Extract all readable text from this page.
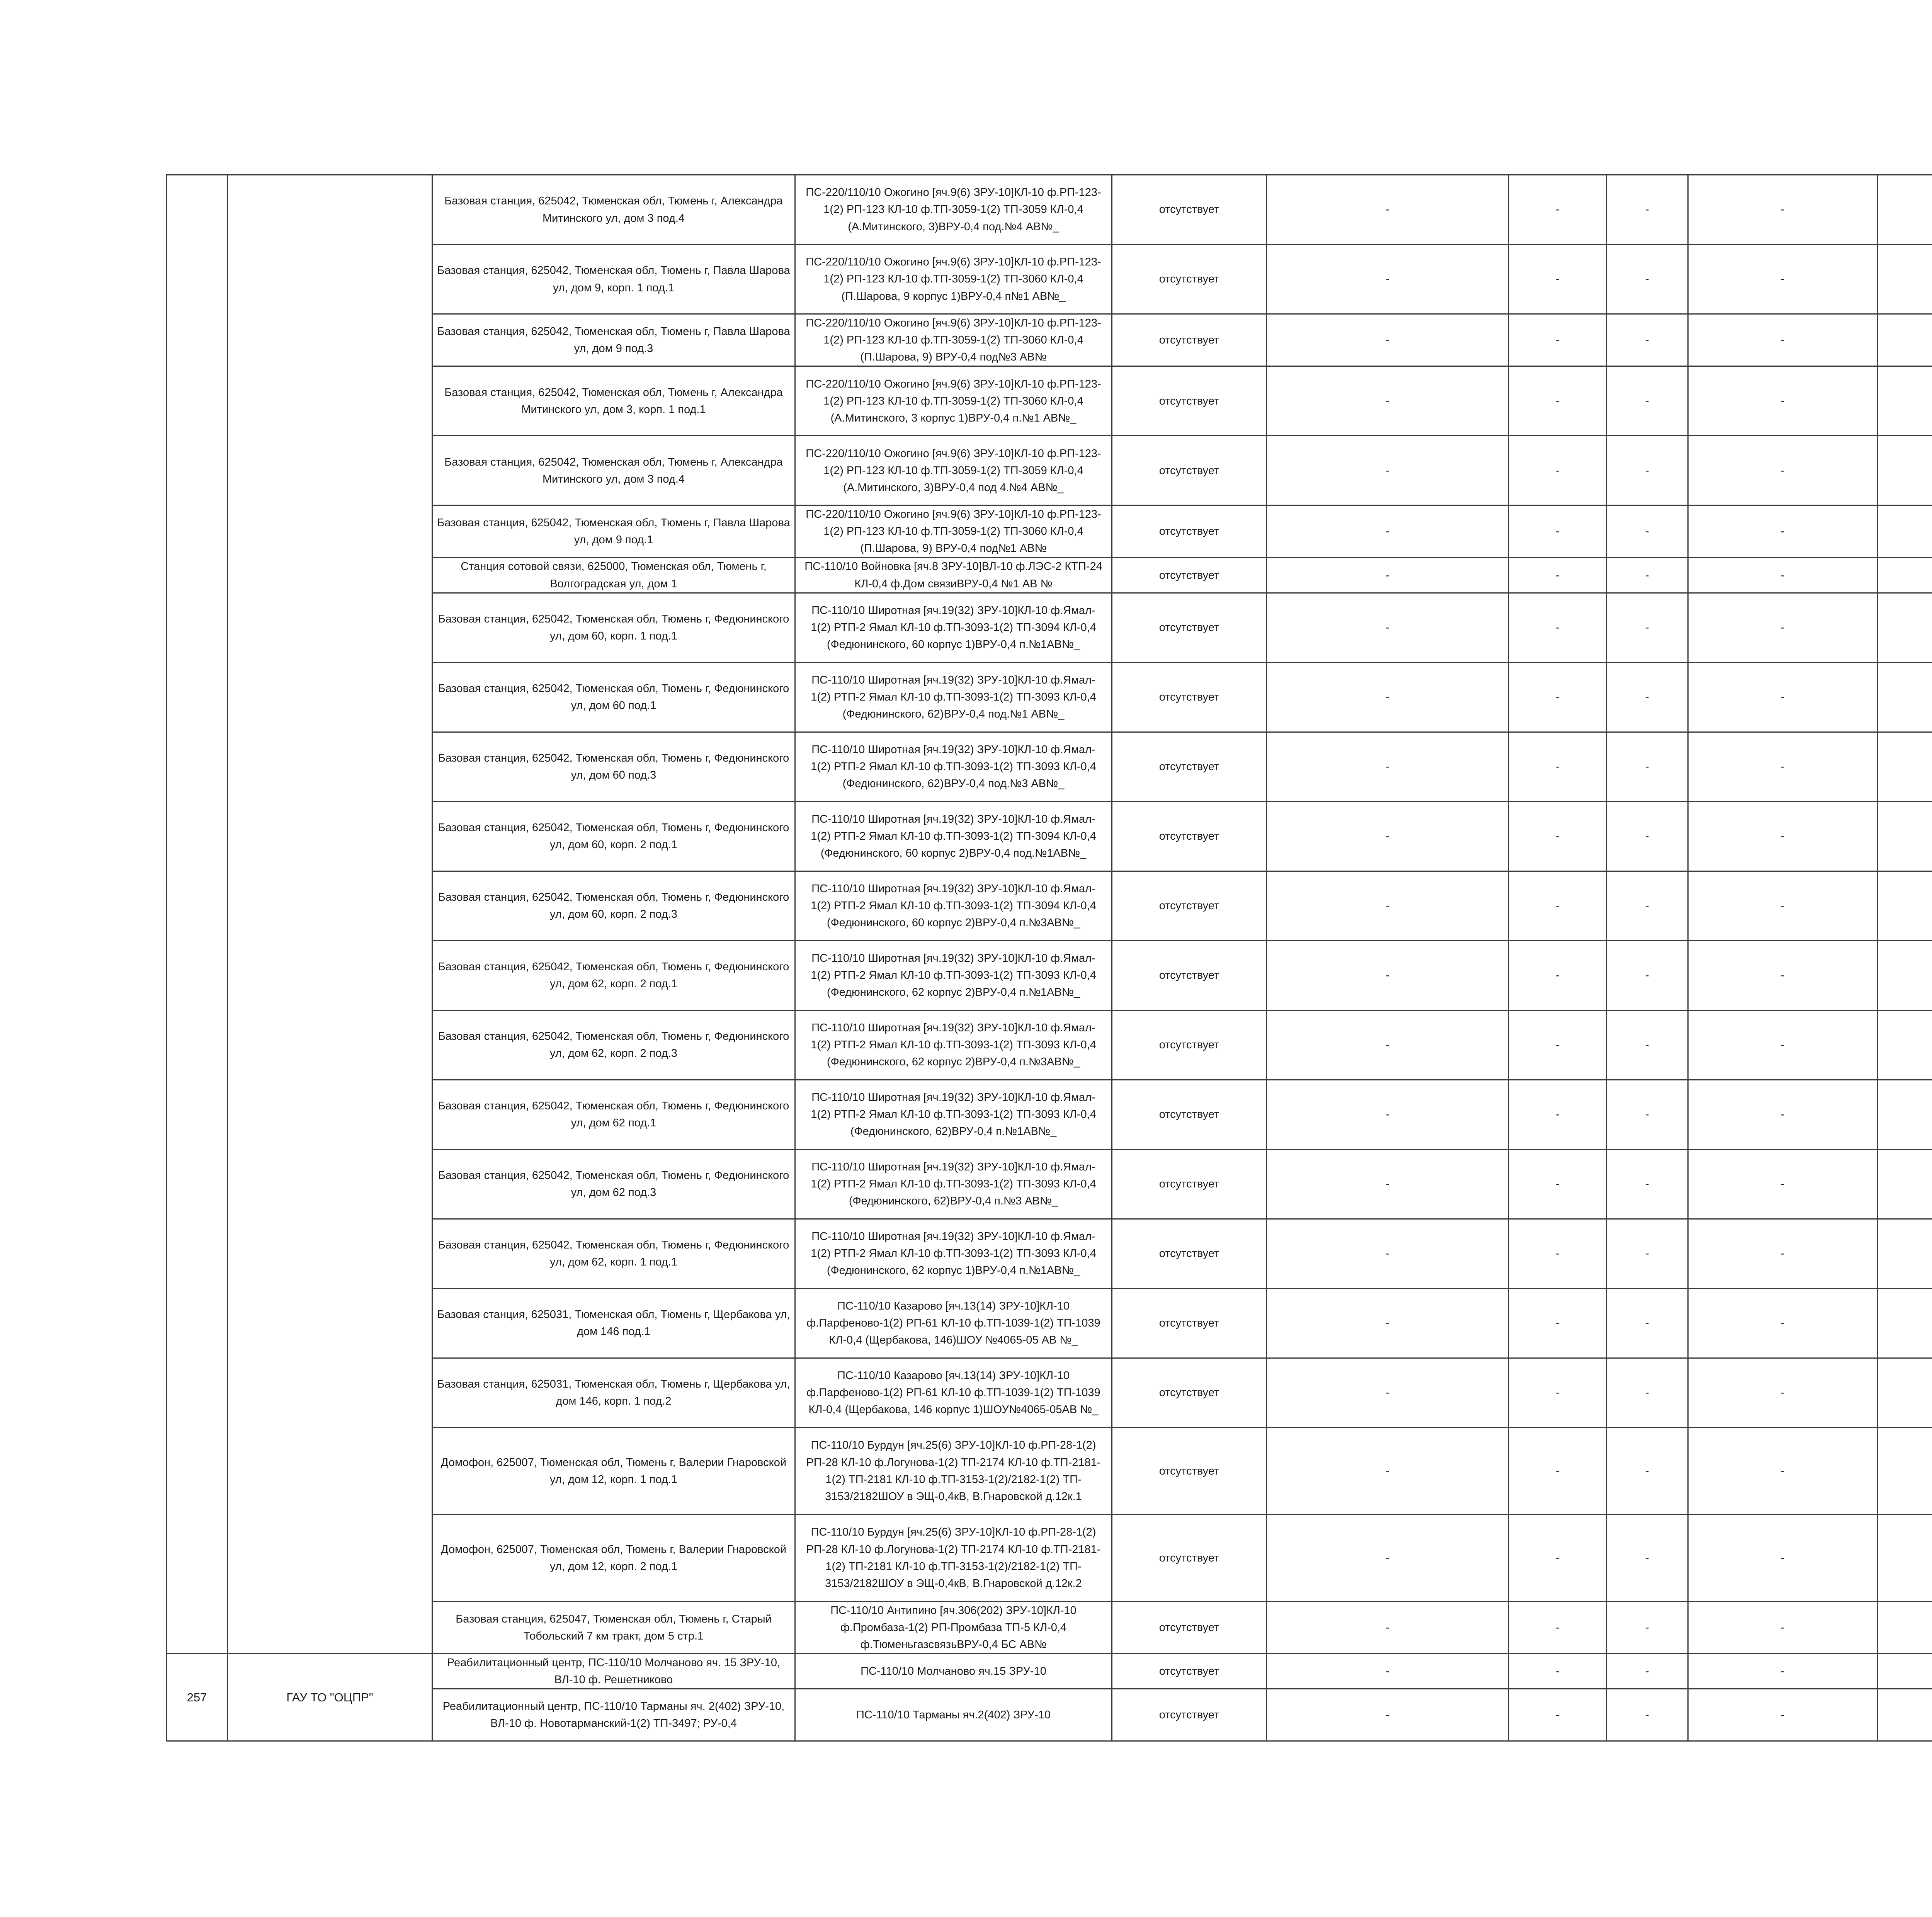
		Базовая станция, 625042, Тюменская обл, Тюмень г, Александра Митинского ул, дом 3 под.4	ПС-220/110/10 Ожогино [яч.9(6) ЗРУ-10]КЛ-10 ф.РП-123-
1(2) РП-123 КЛ-10 ф.ТП-3059-1(2) ТП-3059 КЛ-0,4
(А.Митинского, 3)ВРУ-0,4 под.№4 АВ№_	отсутствует	-	-	-	-		
		Базовая станция, 625042, Тюменская обл, Тюмень г, Павла Шарова ул, дом 9, корп. 1 под.1	ПС-220/110/10 Ожогино [яч.9(6) ЗРУ-10]КЛ-10 ф.РП-123-
1(2) РП-123 КЛ-10 ф.ТП-3059-1(2) ТП-3060 КЛ-0,4
(П.Шарова, 9 корпус 1)ВРУ-0,4 п№1 АВ№_	отсутствует	-	-	-	-		
		Базовая станция, 625042, Тюменская обл, Тюмень г, Павла Шарова ул, дом 9 под.3	ПС-220/110/10 Ожогино [яч.9(6) ЗРУ-10]КЛ-10 ф.РП-123-
1(2) РП-123 КЛ-10 ф.ТП-3059-1(2) ТП-3060 КЛ-0,4
(П.Шарова, 9) ВРУ-0,4 под№3 АВ№	отсутствует	-	-	-	-		
		Базовая станция, 625042, Тюменская обл, Тюмень г, Александра Митинского ул, дом 3, корп. 1 под.1	ПС-220/110/10 Ожогино [яч.9(6) ЗРУ-10]КЛ-10 ф.РП-123-
1(2) РП-123 КЛ-10 ф.ТП-3059-1(2) ТП-3060 КЛ-0,4
(А.Митинского, 3 корпус 1)ВРУ-0,4 п.№1 АВ№_	отсутствует	-	-	-	-		
		Базовая станция, 625042, Тюменская обл, Тюмень г, Александра Митинского ул, дом 3 под.4	ПС-220/110/10 Ожогино [яч.9(6) ЗРУ-10]КЛ-10 ф.РП-123-
1(2) РП-123 КЛ-10 ф.ТП-3059-1(2) ТП-3059 КЛ-0,4
(А.Митинского, 3)ВРУ-0,4 под 4.№4 АВ№_	отсутствует	-	-	-	-		
		Базовая станция, 625042, Тюменская обл, Тюмень г, Павла Шарова ул, дом 9 под.1	ПС-220/110/10 Ожогино [яч.9(6) ЗРУ-10]КЛ-10 ф.РП-123-
1(2) РП-123 КЛ-10 ф.ТП-3059-1(2) ТП-3060 КЛ-0,4
(П.Шарова, 9) ВРУ-0,4 под№1 АВ№	отсутствует	-	-	-	-		
		Станция сотовой связи, 625000, Тюменская обл, Тюмень г, Волгоградская ул, дом 1	ПС-110/10 Войновка [яч.8 ЗРУ-10]ВЛ-10 ф.ЛЭС-2 КТП-24
КЛ-0,4 ф.Дом связиВРУ-0,4 №1 АВ №	отсутствует	-	-	-	-		
		Базовая станция, 625042, Тюменская обл, Тюмень г, Федюнинского ул, дом 60, корп. 1 под.1	ПС-110/10 Широтная [яч.19(32) ЗРУ-10]КЛ-10 ф.Ямал-
1(2) РТП-2 Ямал КЛ-10 ф.ТП-3093-1(2) ТП-3094 КЛ-0,4
(Федюнинского, 60 корпус 1)ВРУ-0,4 п.№1АВ№_	отсутствует	-	-	-	-		
		Базовая станция, 625042, Тюменская обл, Тюмень г, Федюнинского ул, дом 60 под.1	ПС-110/10 Широтная [яч.19(32) ЗРУ-10]КЛ-10 ф.Ямал-
1(2) РТП-2 Ямал КЛ-10 ф.ТП-3093-1(2) ТП-3093 КЛ-0,4
(Федюнинского, 62)ВРУ-0,4 под.№1 АВ№_	отсутствует	-	-	-	-		
		Базовая станция, 625042, Тюменская обл, Тюмень г, Федюнинского ул, дом 60 под.3	ПС-110/10 Широтная [яч.19(32) ЗРУ-10]КЛ-10 ф.Ямал-
1(2) РТП-2 Ямал КЛ-10 ф.ТП-3093-1(2) ТП-3093 КЛ-0,4
(Федюнинского, 62)ВРУ-0,4 под.№3 АВ№_	отсутствует	-	-	-	-		
		Базовая станция, 625042, Тюменская обл, Тюмень г, Федюнинского ул, дом 60, корп. 2 под.1	ПС-110/10 Широтная [яч.19(32) ЗРУ-10]КЛ-10 ф.Ямал-
1(2) РТП-2 Ямал КЛ-10 ф.ТП-3093-1(2) ТП-3094 КЛ-0,4
(Федюнинского, 60 корпус 2)ВРУ-0,4 под.№1АВ№_	отсутствует	-	-	-	-		
		Базовая станция, 625042, Тюменская обл, Тюмень г, Федюнинского ул, дом 60, корп. 2 под.3	ПС-110/10 Широтная [яч.19(32) ЗРУ-10]КЛ-10 ф.Ямал-
1(2) РТП-2 Ямал КЛ-10 ф.ТП-3093-1(2) ТП-3094 КЛ-0,4
(Федюнинского, 60 корпус 2)ВРУ-0,4 п.№3АВ№_	отсутствует	-	-	-	-		
		Базовая станция, 625042, Тюменская обл, Тюмень г, Федюнинского ул, дом 62, корп. 2 под.1	ПС-110/10 Широтная [яч.19(32) ЗРУ-10]КЛ-10 ф.Ямал-
1(2) РТП-2 Ямал КЛ-10 ф.ТП-3093-1(2) ТП-3093 КЛ-0,4
(Федюнинского, 62 корпус 2)ВРУ-0,4 п.№1АВ№_	отсутствует	-	-	-	-		
		Базовая станция, 625042, Тюменская обл, Тюмень г, Федюнинского ул, дом 62, корп. 2 под.3	ПС-110/10 Широтная [яч.19(32) ЗРУ-10]КЛ-10 ф.Ямал-
1(2) РТП-2 Ямал КЛ-10 ф.ТП-3093-1(2) ТП-3093 КЛ-0,4
(Федюнинского, 62 корпус 2)ВРУ-0,4 п.№3АВ№_	отсутствует	-	-	-	-		
		Базовая станция, 625042, Тюменская обл, Тюмень г, Федюнинского ул, дом 62 под.1	ПС-110/10 Широтная [яч.19(32) ЗРУ-10]КЛ-10 ф.Ямал-
1(2) РТП-2 Ямал КЛ-10 ф.ТП-3093-1(2) ТП-3093 КЛ-0,4
(Федюнинского, 62)ВРУ-0,4 п.№1АВ№_	отсутствует	-	-	-	-		
		Базовая станция, 625042, Тюменская обл, Тюмень г, Федюнинского ул, дом 62 под.3	ПС-110/10 Широтная [яч.19(32) ЗРУ-10]КЛ-10 ф.Ямал-
1(2) РТП-2 Ямал КЛ-10 ф.ТП-3093-1(2) ТП-3093 КЛ-0,4
(Федюнинского, 62)ВРУ-0,4 п.№3 АВ№_	отсутствует	-	-	-	-		
		Базовая станция, 625042, Тюменская обл, Тюмень г, Федюнинского ул, дом 62, корп. 1 под.1	ПС-110/10 Широтная [яч.19(32) ЗРУ-10]КЛ-10 ф.Ямал-
1(2) РТП-2 Ямал КЛ-10 ф.ТП-3093-1(2) ТП-3093 КЛ-0,4
(Федюнинского, 62 корпус 1)ВРУ-0,4 п.№1АВ№_	отсутствует	-	-	-	-		
		Базовая станция, 625031, Тюменская обл, Тюмень г, Щербакова ул, дом 146 под.1	ПС-110/10 Казарово [яч.13(14) ЗРУ-10]КЛ-10
ф.Парфеново-1(2) РП-61 КЛ-10 ф.ТП-1039-1(2) ТП-1039
КЛ-0,4 (Щербакова, 146)ШОУ №4065-05 АВ №_	отсутствует	-	-	-	-		
		Базовая станция, 625031, Тюменская обл, Тюмень г, Щербакова ул, дом 146, корп. 1 под.2	ПС-110/10 Казарово [яч.13(14) ЗРУ-10]КЛ-10
ф.Парфеново-1(2) РП-61 КЛ-10 ф.ТП-1039-1(2) ТП-1039
КЛ-0,4 (Щербакова, 146 корпус 1)ШОУ№4065-05АВ №_	отсутствует	-	-	-	-		
		Домофон, 625007, Тюменская обл, Тюмень г, Валерии Гнаровской ул, дом 12, корп. 1 под.1	ПС-110/10 Бурдун [яч.25(6) ЗРУ-10]КЛ-10 ф.РП-28-1(2)
РП-28 КЛ-10 ф.Логунова-1(2) ТП-2174 КЛ-10 ф.ТП-2181-
1(2) ТП-2181 КЛ-10 ф.ТП-3153-1(2)/2182-1(2) ТП-
3153/2182ШОУ в ЭЩ-0,4кВ, В.Гнаровской д.12к.1	отсутствует	-	-	-	-		
		Домофон, 625007, Тюменская обл, Тюмень г, Валерии Гнаровской ул, дом 12, корп. 2 под.1	ПС-110/10 Бурдун [яч.25(6) ЗРУ-10]КЛ-10 ф.РП-28-1(2)
РП-28 КЛ-10 ф.Логунова-1(2) ТП-2174 КЛ-10 ф.ТП-2181-
1(2) ТП-2181 КЛ-10 ф.ТП-3153-1(2)/2182-1(2) ТП-
3153/2182ШОУ в ЭЩ-0,4кВ, В.Гнаровской д.12к.2	отсутствует	-	-	-	-		
		Базовая станция, 625047, Тюменская обл, Тюмень г, Старый Тобольский 7 км тракт, дом 5 стр.1	ПС-110/10 Антипино [яч.306(202) ЗРУ-10]КЛ-10
ф.Промбаза-1(2) РП-Промбаза ТП-5 КЛ-0,4
ф.ТюменьгазсвязьВРУ-0,4 БС АВ№	отсутствует	-	-	-	-		
257	ГАУ ТО "ОЦПР"	Реабилитационный центр, ПС-110/10 Молчаново яч. 15 ЗРУ-10, ВЛ-10 ф. Решетниково	ПС-110/10 Молчаново яч.15 ЗРУ-10	отсутствует	-	-	-	-		
		Реабилитационный центр, ПС-110/10 Тарманы яч. 2(402) ЗРУ-10, ВЛ-10 ф. Новотарманский-1(2) ТП-3497; РУ-0,4	ПС-110/10 Тарманы яч.2(402) ЗРУ-10	отсутствует	-	-	-	-		
